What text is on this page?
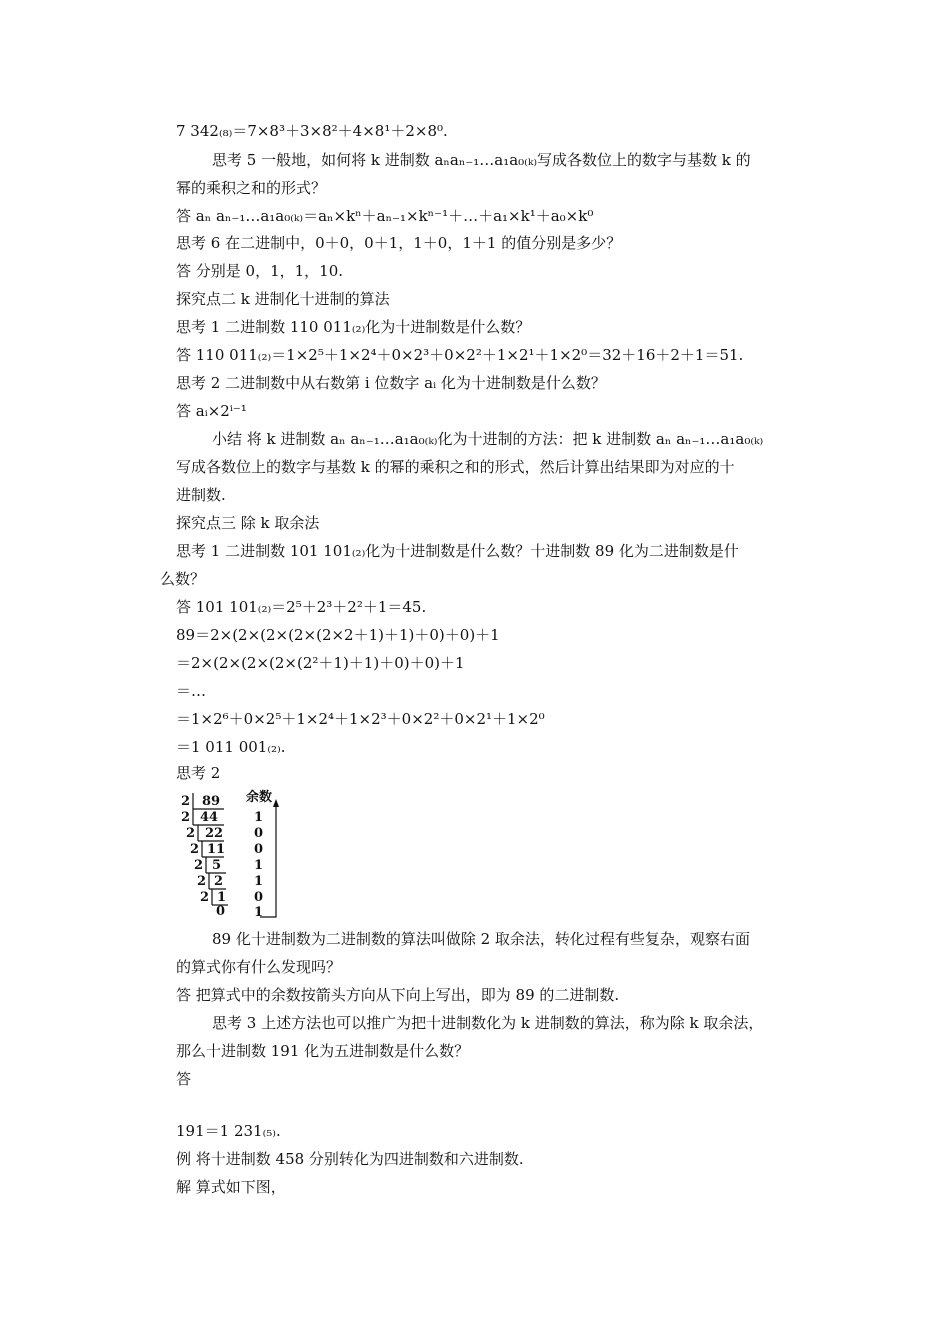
7 342₍₈₎＝7×8³＋3×8²＋4×8¹＋2×8⁰.
思考 5 一般地，如何将 k 进制数 aₙaₙ₋₁…a₁a₀₍ₖ₎写成各数位上的数字与基数 k 的
幂的乘积之和的形式？
答 aₙ aₙ₋₁…a₁a₀₍ₖ₎＝aₙ×kⁿ＋aₙ₋₁×kⁿ⁻¹＋…＋a₁×k¹＋a₀×k⁰
思考 6 在二进制中，0＋0，0＋1，1＋0，1＋1 的值分别是多少？
答 分别是 0，1，1，10.
探究点二 k 进制化十进制的算法
思考 1 二进制数 110 011₍₂₎化为十进制数是什么数？
答 110 011₍₂₎＝1×2⁵＋1×2⁴＋0×2³＋0×2²＋1×2¹＋1×2⁰＝32＋16＋2＋1＝51.
思考 2 二进制数中从右数第 i 位数字 aᵢ 化为十进制数是什么数？
答 aᵢ×2ⁱ⁻¹
小结 将 k 进制数 aₙ aₙ₋₁…a₁a₀₍ₖ₎化为十进制的方法：把 k 进制数 aₙ aₙ₋₁…a₁a₀₍ₖ₎
写成各数位上的数字与基数 k 的幂的乘积之和的形式，然后计算出结果即为对应的十
进制数.
探究点三 除 k 取余法
思考 1 二进制数 101 101₍₂₎化为十进制数是什么数？十进制数 89 化为二进制数是什
么数？
答 101 101₍₂₎＝2⁵＋2³＋2²＋1＝45.
89＝2×(2×(2×(2×(2×2＋1)＋1)＋0)＋0)＋1
＝2×(2×(2×(2×(2²＋1)＋1)＋0)＋0)＋1
＝…
＝1×2⁶＋0×2⁵＋1×2⁴＋1×2³＋0×2²＋0×2¹＋1×2⁰
＝1 011 001₍₂₎.
思考 2
余数
2 89
2 44	1
2 22 0
2 11 0
2 5	1
2 2 1
2 1 0
0 1
89 化十进制数为二进制数的算法叫做除 2 取余法，转化过程有些复杂，观察右面
的算式你有什么发现吗？
答 把算式中的余数按箭头方向从下向上写出，即为 89 的二进制数.
思考 3 上述方法也可以推广为把十进制数化为 k 进制数的算法，称为除 k 取余法，
那么十进制数 191 化为五进制数是什么数？
答
191＝1 231₍₅₎.
例 将十进制数 458 分别转化为四进制数和六进制数.
解 算式如下图，
